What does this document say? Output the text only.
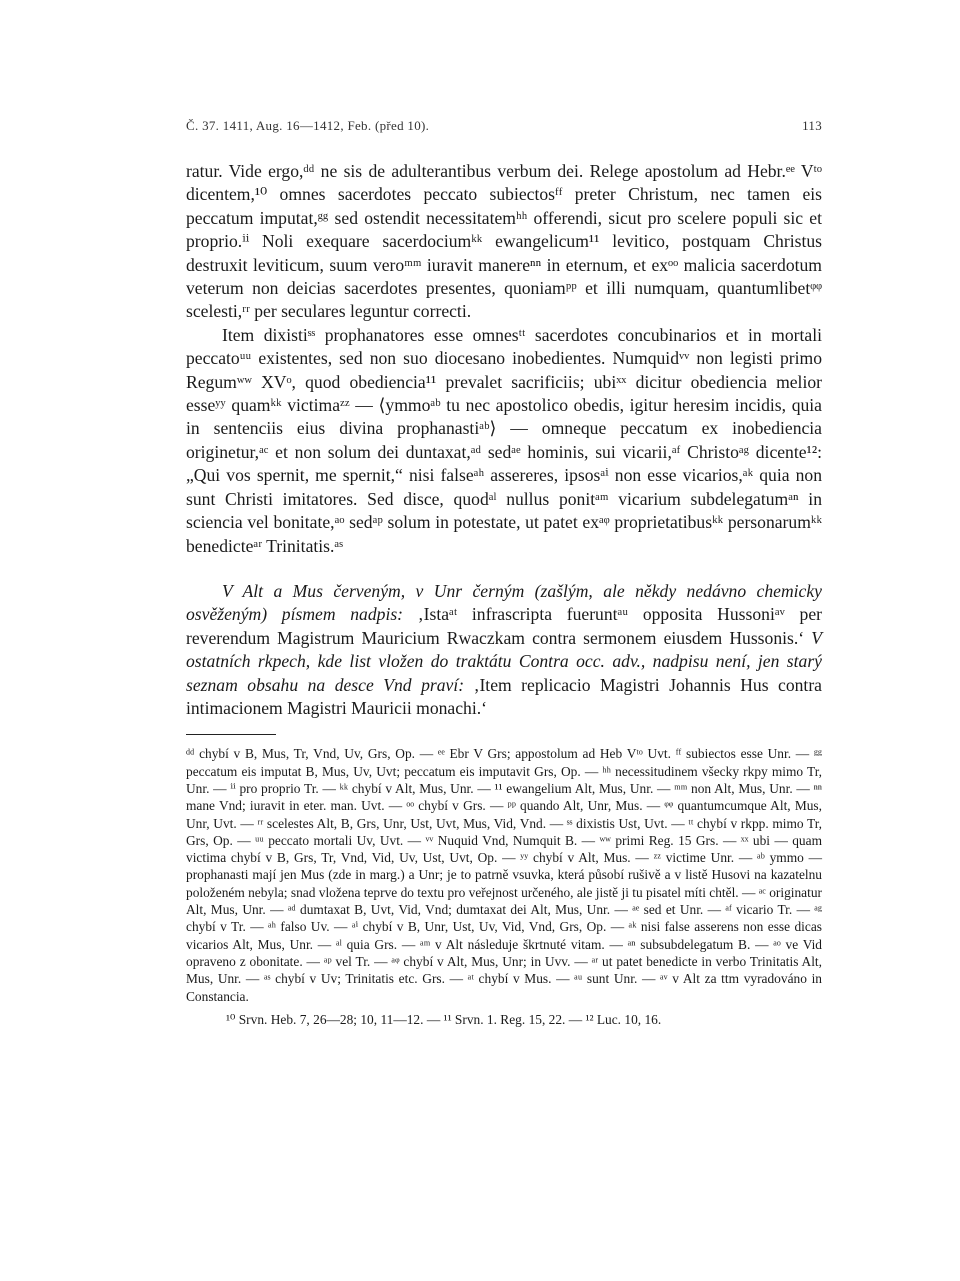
Č. 37. 1411, Aug. 16—1412, Feb. (před 10).	113

ratur. Vide ergo,ᵈᵈ ne sis de adulterantibus verbum dei. Relege apostolum ad Hebr.ᵉᵉ Vᵗᵒ dicentem,¹⁰ omnes sacerdotes peccato subiectosᶠᶠ preter Christum, nec tamen eis peccatum imputat,ᵍᵍ sed ostendit necessitatemʰʰ offerendi, sicut pro scelere populi sic et proprio.ⁱⁱ Noli exequare sacerdociumᵏᵏ ewangelicum¹¹ levitico, postquam Christus destruxit leviticum, suum veroᵐᵐ iuravit manereⁿⁿ in eternum, et exᵒᵒ malicia sacerdotum veterum non deicias sacerdotes presentes, quoniamᵖᵖ et illi numquam, quantumlibetᵠᵠ scelesti,ʳʳ per seculares leguntur correcti.

Item dixistiˢˢ prophanatores esse omnesᵗᵗ sacerdotes concubinarios et in mortali peccatoᵘᵘ existentes, sed non suo diocesano inobedientes. Numquidᵛᵛ non legisti primo Regumʷʷ XVᵒ, quod obediencia¹¹ prevalet sacrificiis; ubiˣˣ dicitur obediencia melior esseʸʸ quamᵏᵏ victimaᶻᶻ — ⟨ymmoᵃᵇ tu nec apostolico obedis, igitur heresim incidis, quia in sentenciis eius divina prophanastiᵃᵇ⟩ — omneque peccatum ex inobediencia originetur,ᵃᶜ et non solum dei duntaxat,ᵃᵈ sedᵃᵉ hominis, sui vicarii,ᵃᶠ Christoᵃᵍ dicente¹²: „Qui vos spernit, me spernit,“ nisi falseᵃʰ assereres, ipsosᵃⁱ non esse vicarios,ᵃᵏ quia non sunt Christi imitatores. Sed disce, quodᵃˡ nullus ponitᵃᵐ vicarium subdelegatumᵃⁿ in sciencia vel bonitate,ᵃᵒ sedᵃᵖ solum in potestate, ut patet exᵃᵠ proprietatibusᵏᵏ personarumᵏᵏ benedicteᵃʳ Trinitatis.ᵃˢ

V Alt a Mus červeným, v Unr černým (zašlým, ale někdy nedávno chemicky osvěženým) písmem nadpis: ‚Istaᵃᵗ infrascripta fueruntᵃᵘ opposita Hussoniᵃᵛ per reverendum Magistrum Mauricium Rwaczkam contra sermonem eiusdem Hussonis.‘ V ostatních rkpech, kde list vložen do traktátu Contra occ. adv., nadpisu není, jen starý seznam obsahu na desce Vnd praví: ‚Item replicacio Magistri Johannis Hus contra intimacionem Magistri Mauricii monachi.‘

ᵈᵈ chybí v B, Mus, Tr, Vnd, Uv, Grs, Op. — ᵉᵉ Ebr V Grs; appostolum ad Heb Vᵗᵒ Uvt. ᶠᶠ subiectos esse Unr. — ᵍᵍ peccatum eis imputat B, Mus, Uv, Uvt; peccatum eis imputavit Grs, Op. — ʰʰ necessitudinem všecky rkpy mimo Tr, Unr. — ⁱⁱ pro proprio Tr. — ᵏᵏ chybí v Alt, Mus, Unr. — ¹¹ ewangelium Alt, Mus, Unr. — ᵐᵐ non Alt, Mus, Unr. — ⁿⁿ mane Vnd; iuravit in eter. man. Uvt. — ᵒᵒ chybí v Grs. — ᵖᵖ quando Alt, Unr, Mus. — ᵠᵠ quantumcumque Alt, Mus, Unr, Uvt. — ʳʳ scelestes Alt, B, Grs, Unr, Ust, Uvt, Mus, Vid, Vnd. — ˢˢ dixistis Ust, Uvt. — ᵗᵗ chybí v rkpp. mimo Tr, Grs, Op. — ᵘᵘ peccato mortali Uv, Uvt. — ᵛᵛ Nuquid Vnd, Numquit B. — ʷʷ primi Reg. 15 Grs. — ˣˣ ubi — quam victima chybí v B, Grs, Tr, Vnd, Vid, Uv, Ust, Uvt, Op. — ʸʸ chybí v Alt, Mus. — ᶻᶻ victime Unr. — ᵃᵇ ymmo — prophanasti mají jen Mus (zde in marg.) a Unr; je to patrně vsuvka, která působí rušivě a v listě Husovi na kazatelnu položeném nebyla; snad vložena teprve do textu pro veřejnost určeného, ale jistě ji tu pisatel míti chtěl. — ᵃᶜ originatur Alt, Mus, Unr. — ᵃᵈ dumtaxat B, Uvt, Vid, Vnd; dumtaxat dei Alt, Mus, Unr. — ᵃᵉ sed et Unr. — ᵃᶠ vicario Tr. — ᵃᵍ chybí v Tr. — ᵃʰ falso Uv. — ᵃⁱ chybí v B, Unr, Ust, Uv, Vid, Vnd, Grs, Op. — ᵃᵏ nisi false asserens non esse dicas vicarios Alt, Mus, Unr. — ᵃˡ quia Grs. — ᵃᵐ v Alt následuje škrtnuté vitam. — ᵃⁿ subsubdelegatum B. — ᵃᵒ ve Vid opraveno z obonitate. — ᵃᵖ vel Tr. — ᵃᵠ chybí v Alt, Mus, Unr; in Uvv. — ᵃʳ ut patet benedicte in verbo Trinitatis Alt, Mus, Unr. — ᵃˢ chybí v Uv; Trinitatis etc. Grs. — ᵃᵗ chybí v Mus. — ᵃᵘ sunt Unr. — ᵃᵛ v Alt za ttm vyradováno in Constancia.

¹⁰ Srvn. Heb. 7, 26—28; 10, 11—12. — ¹¹ Srvn. 1. Reg. 15, 22. — ¹² Luc. 10, 16.
